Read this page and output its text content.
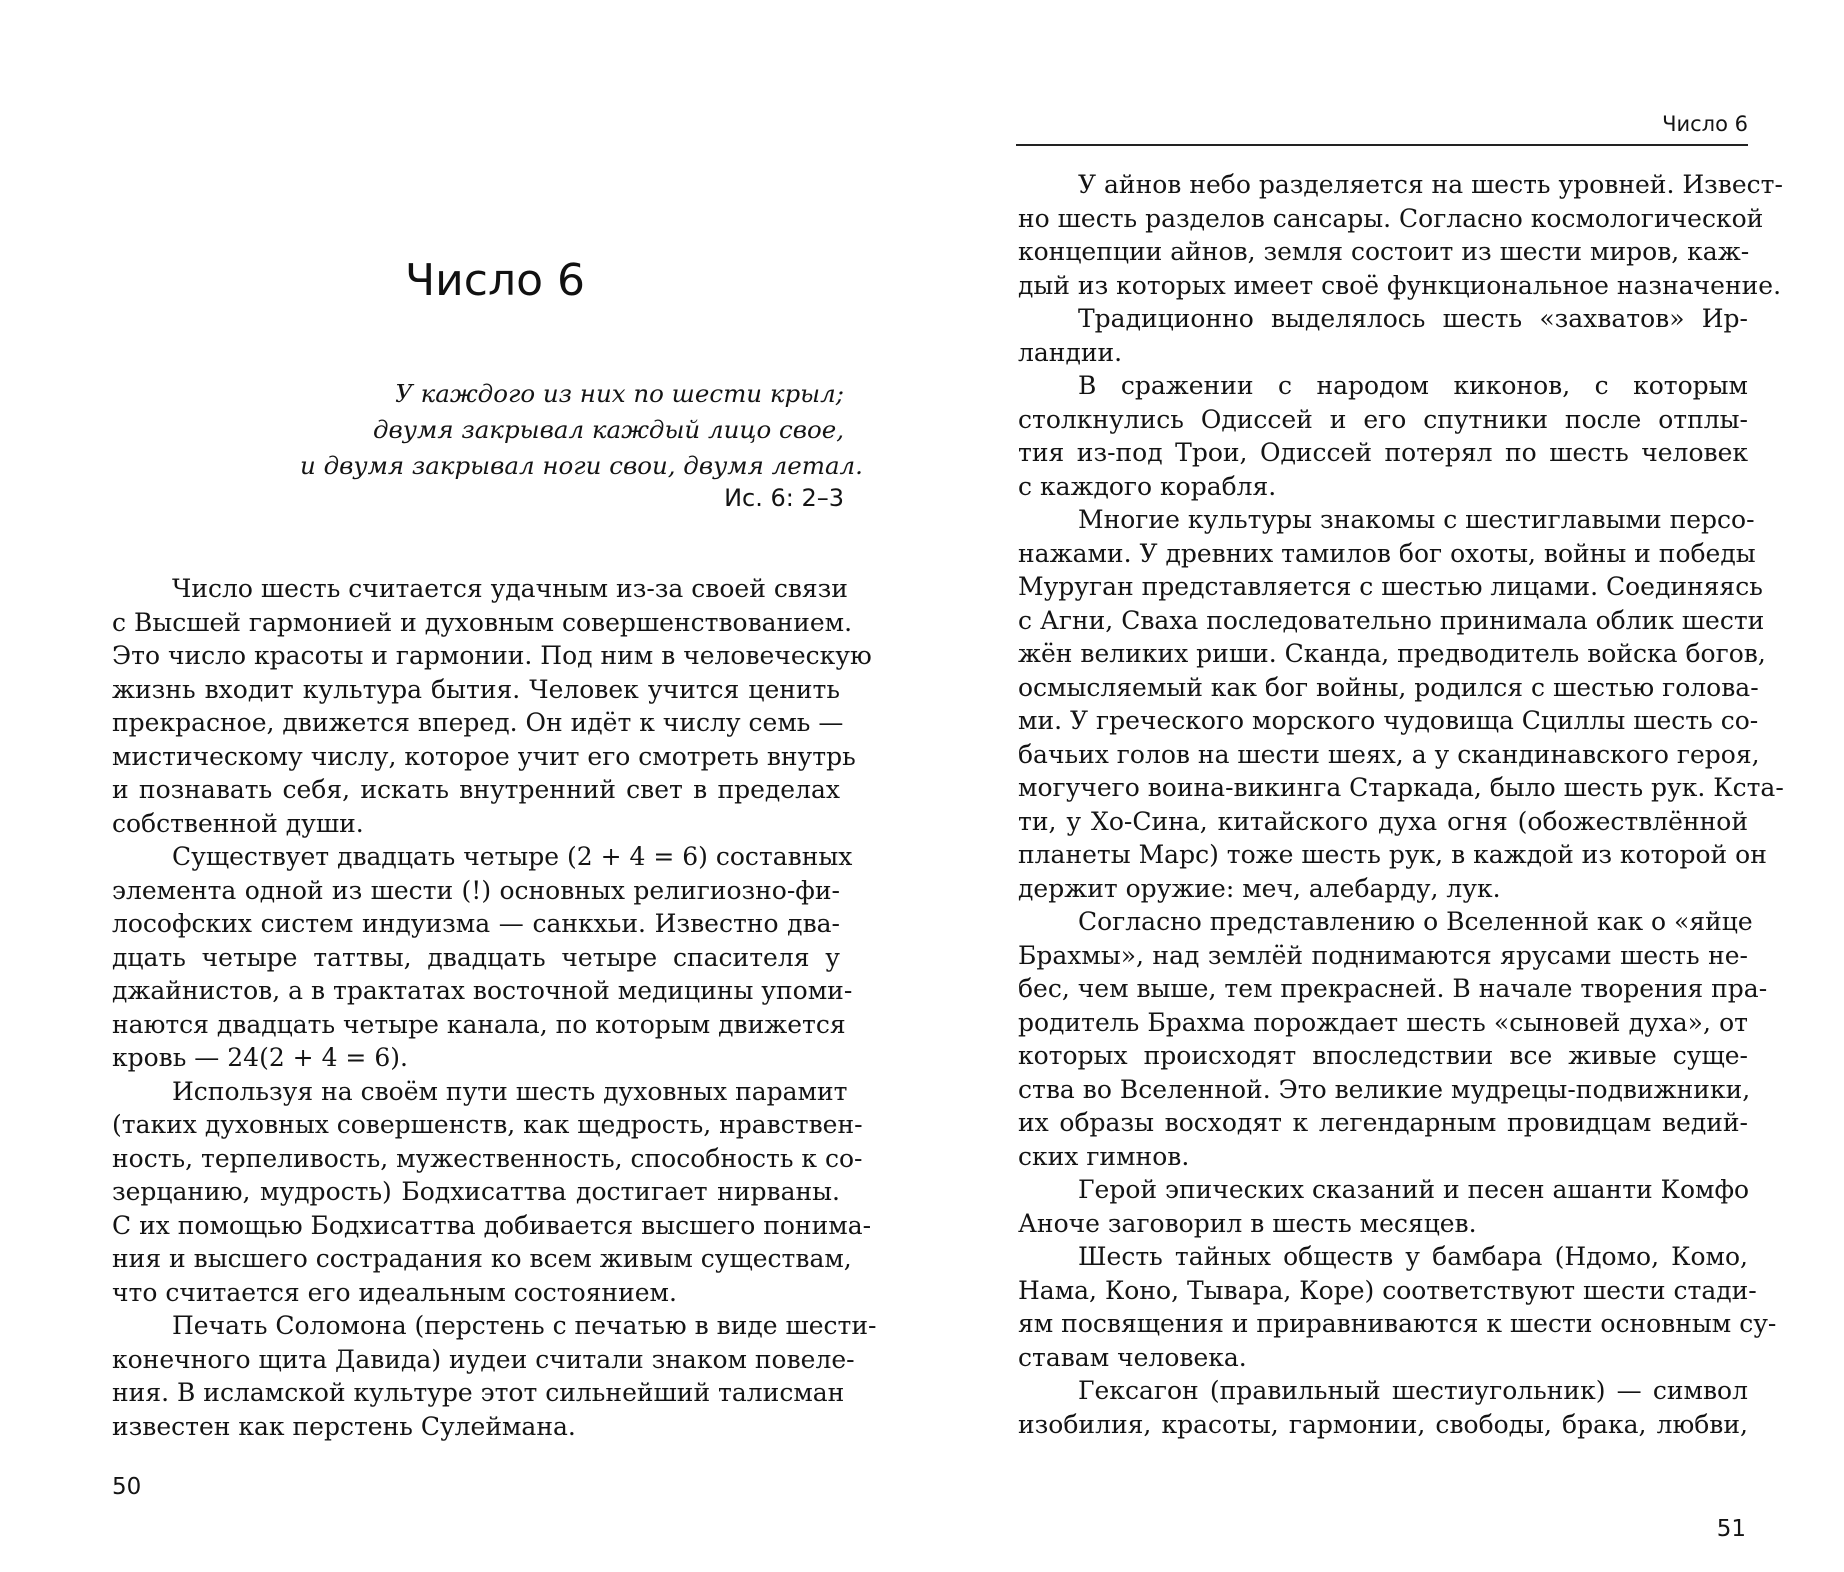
Число 6
У каждого из них по шести крыл;
двумя закрывал каждый лицо свое,
и двумя закрывал ноги свои, двумя летал.
Ис. 6: 2–3
Число шесть считается удачным из-за своей связи
с Высшей гармонией и духовным совершенствованием.
Это число красоты и гармонии. Под ним в человеческую
жизнь входит культура бытия. Человек учится ценить
прекрасное, движется вперед. Он идёт к числу семь —
мистическому числу, которое учит его смотреть внутрь
и познавать себя, искать внутренний свет в пределах
собственной души.
Существует двадцать четыре (2 + 4 = 6) составных
элемента одной из шести (!) основных религиозно-фи-
лософских систем индуизма — санкхьи. Известно два-
дцать четыре таттвы, двадцать четыре спасителя у
джайнистов, а в трактатах восточной медицины упоми-
наются двадцать четыре канала, по которым движется
кровь — 24(2 + 4 = 6).
Используя на своём пути шесть духовных парамит
(таких духовных совершенств, как щедрость, нравствен-
ность, терпеливость, мужественность, способность к со-
зерцанию, мудрость) Бодхисаттва достигает нирваны.
С их помощью Бодхисаттва добивается высшего понима-
ния и высшего сострадания ко всем живым существам,
что считается его идеальным состоянием.
Печать Соломона (перстень с печатью в виде шести-
конечного щита Давида) иудеи считали знаком повеле-
ния. В исламской культуре этот сильнейший талисман
известен как перстень Сулеймана.
50
Число 6
У айнов небо разделяется на шесть уровней. Извест-
но шесть разделов сансары. Согласно космологической
концепции айнов, земля состоит из шести миров, каж-
дый из которых имеет своё функциональное назначение.
Традиционно выделялось шесть «захватов» Ир-
ландии.
В сражении с народом киконов, с которым
столкнулись Одиссей и его спутники после отплы-
тия из-под Трои, Одиссей потерял по шесть человек
с каждого корабля.
Многие культуры знакомы с шестиглавыми персо-
нажами. У древних тамилов бог охоты, войны и победы
Муруган представляется с шестью лицами. Соединяясь
с Агни, Сваха последовательно принимала облик шести
жён великих риши. Сканда, предводитель войска богов,
осмысляемый как бог войны, родился с шестью голова-
ми. У греческого морского чудовища Сциллы шесть со-
бачьих голов на шести шеях, а у скандинавского героя,
могучего воина-викинга Старкада, было шесть рук. Кста-
ти, у Хо-Сина, китайского духа огня (обожествлённой
планеты Марс) тоже шесть рук, в каждой из которой он
держит оружие: меч, алебарду, лук.
Согласно представлению о Вселенной как о «яйце
Брахмы», над землёй поднимаются ярусами шесть не-
бес, чем выше, тем прекрасней. В начале творения пра-
родитель Брахма порождает шесть «сыновей духа», от
которых происходят впоследствии все живые суще-
ства во Вселенной. Это великие мудрецы-подвижники,
их образы восходят к легендарным провидцам ведий-
ских гимнов.
Герой эпических сказаний и песен ашанти Комфо
Аноче заговорил в шесть месяцев.
Шесть тайных обществ у бамбара (Ндомо, Комо,
Нама, Коно, Тывара, Коре) соответствуют шести стади-
ям посвящения и приравниваются к шести основным су-
ставам человека.
Гексагон (правильный шестиугольник) — символ
изобилия, красоты, гармонии, свободы, брака, любви,
51
